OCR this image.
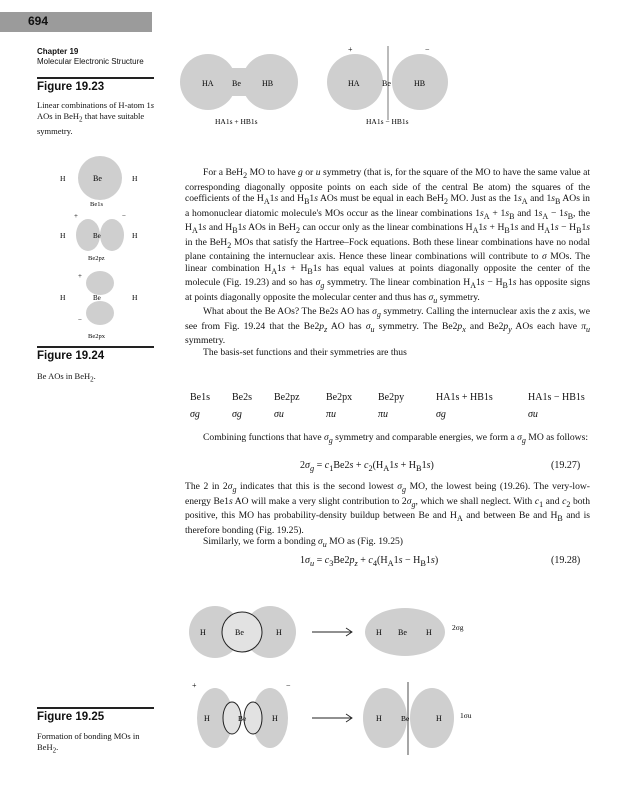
694
Chapter 19
Molecular Electronic Structure
Figure 19.23
Linear combinations of H-atom 1s AOs in BeH$_2$ that have suitable symmetry.
HA Be	HB
HA1s + HB1s
+	−
HA	Be	HB
HA1s − HB1s
H	Be	H
Be1s
+	−
H	Be	H
Be2pz
+
−
H	Be	H
Be2px
Figure 19.24
Be AOs in BeH$_2$.

For a BeH$_2$ MO to have g or u symmetry (that is, for the square of the MO to have the same value at corresponding diagonally opposite points on each side of the central Be atom) the squares of the coefficients of the $H_A1s$ and $H_B1s$ AOs must be equal in each BeH$_2$ MO. Just as the $1s_A$ and $1s_B$ AOs in a homonuclear diatomic molecule's MOs occur as the linear combinations $1s_A + 1s_B$ and $1s_A - 1s_B$, the $H_A1s$ and $H_B1s$ AOs in BeH$_2$ can occur only as the linear combinations $H_A1s + H_B1s$ and $H_A1s - H_B1s$ in the BeH$_2$ MOs that satisfy the Hartree–Fock equations. Both these linear combinations have no nodal plane containing the internuclear axis. Hence these linear combinations will contribute to σ MOs. The linear combination $H_A1s + H_B1s$ has equal values at points diagonally opposite the center of the molecule (Fig. 19.23) and so has $\sigma_g$ symmetry. The linear combination $H_A1s - H_B1s$ has opposite signs at points diagonally opposite the molecular center and thus has $\sigma_u$ symmetry.

What about the Be AOs? The Be2s AO has $\sigma_g$ symmetry. Calling the internuclear axis the z axis, we see from Fig. 19.24 that the $Be2p_z$ AO has $\sigma_u$ symmetry. The $Be2p_x$ and $Be2p_y$ AOs each have $\pi_u$ symmetry.

The basis-set functions and their symmetries are thus

Be1s	Be2s	Be2pz	Be2px	Be2py	HA1s + HB1s	HA1s − HB1s
σg	σg	σu	πu	πu	σg	σu

Combining functions that have $\sigma_g$ symmetry and comparable energies, we form a $\sigma_g$ MO as follows:

$2\sigma_g = c_1Be2s + c_2(H_A1s + H_B1s)$	(19.27)

The 2 in $2\sigma_g$ indicates that this is the second lowest $\sigma_g$ MO, the lowest being (19.26). The very-low-energy Be1s AO will make a very slight contribution to $2\sigma_g$, which we shall neglect. With $c_1$ and $c_2$ both positive, this MO has probability-density buildup between Be and $H_A$ and between Be and $H_B$ and is therefore bonding (Fig. 19.25).

Similarly, we form a bonding $\sigma_u$ MO as (Fig. 19.25)

$1\sigma_u = c_3Be2p_z + c_4(H_A1s - H_B1s)$	(19.28)
H	Be	H	H Be H
2σg
+	−
H	Be	H	H	Be	H 1σu
Figure 19.25
Formation of bonding MOs in BeH$_2$.
